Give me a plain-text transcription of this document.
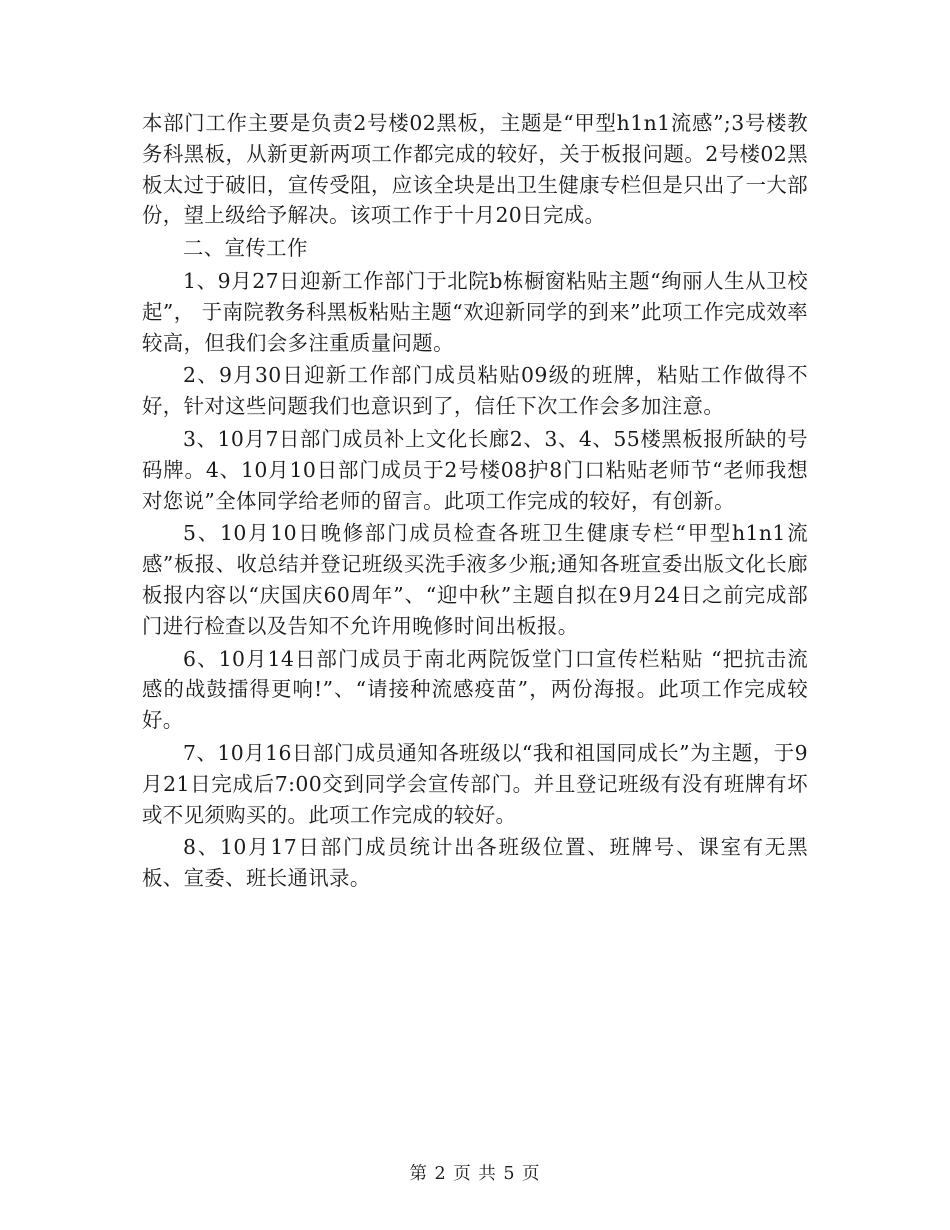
本部门工作主要是负责2号楼02黑板，主题是“甲型h1n1流感”;3号楼教务科黑板，从新更新两项工作都完成的较好，关于板报问题。2号楼02黑板太过于破旧，宣传受阻，应该全块是出卫生健康专栏但是只出了一大部份，望上级给予解决。该项工作于十月20日完成。

二、宣传工作

1、9月27日迎新工作部门于北院b栋橱窗粘贴主题“绚丽人生从卫校起”， 于南院教务科黑板粘贴主题“欢迎新同学的到来”此项工作完成效率较高，但我们会多注重质量问题。

2、9月30日迎新工作部门成员粘贴09级的班牌，粘贴工作做得不好，针对这些问题我们也意识到了，信任下次工作会多加注意。

3、10月7日部门成员补上文化长廊2、3、4、55楼黑板报所缺的号码牌。4、10月10日部门成员于2号楼08护8门口粘贴老师节“老师我想对您说”全体同学给老师的留言。此项工作完成的较好，有创新。

5、10月10日晚修部门成员检查各班卫生健康专栏“甲型h1n1流感”板报、收总结并登记班级买洗手液多少瓶;通知各班宣委出版文化长廊板报内容以“庆国庆60周年”、“迎中秋”主题自拟在9月24日之前完成部门进行检查以及告知不允许用晚修时间出板报。

6、10月14日部门成员于南北两院饭堂门口宣传栏粘贴 “把抗击流感的战鼓擂得更响!”、“请接种流感疫苗”，两份海报。此项工作完成较好。

7、10月16日部门成员通知各班级以“我和祖国同成长”为主题，于9月21日完成后7:00交到同学会宣传部门。并且登记班级有没有班牌有坏或不见须购买的。此项工作完成的较好。

8、10月17日部门成员统计出各班级位置、班牌号、课室有无黑板、宣委、班长通讯录。

第 2 页 共 5 页
